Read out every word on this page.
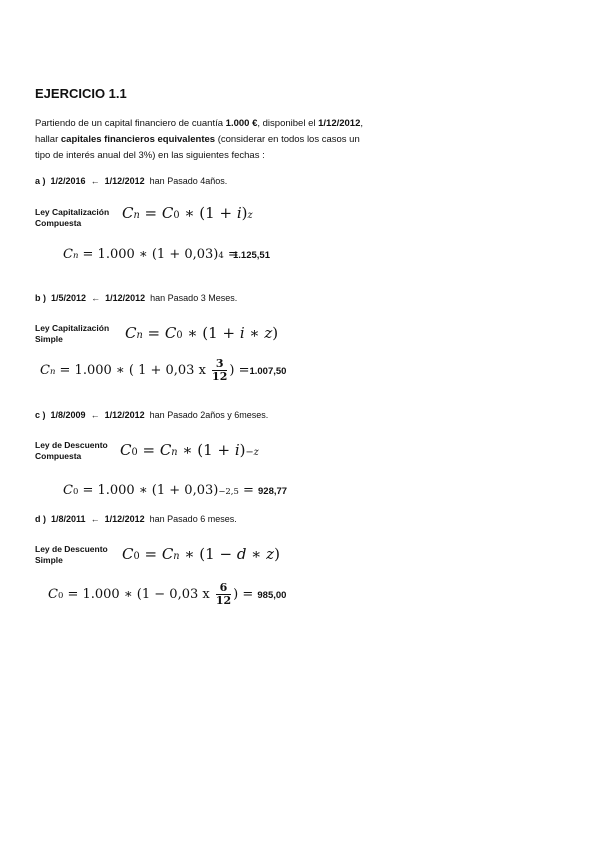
EJERCICIO 1.1
Partiendo de un capital financiero de cuantía 1.000 €, disponibel el 1/12/2012,
hallar capitales financieros equivalentes (considerar en todos los casos un
tipo de interés anual del 3%) en las siguientes fechas :
a ) 1/2/2016 ← 1/12/2012 han Pasado 4años.
Ley Capitalización
Compuesta
$C_n = C_0$ ∗ $(1 + i)^z$
$C_n = 1.000$ ∗ $(1 + 0,03)^4$ =
1.125,51
b ) 1/5/2012 ← 1/12/2012 han Pasado 3 Meses.
Ley Capitalización
Simple	$C_n = C_0$ ∗ (1 + i ∗ z)
$C_n = 1.000$ ∗ ( 1 + 0,03 x $\frac{3}{12}$ ) =1.007,50
c ) 1/8/2009 ← 1/12/2012 han Pasado 2años y 6meses.
Ley de Descuento
Compuesta	$C_0 = C_n$ ∗ $(1 + i)^{-z}$
$C_0 = 1.000$ ∗ $(1 + 0,03)^{-2,5} = 928,77$
d ) 1/8/2011 ← 1/12/2012 han Pasado 6 meses.
Ley de Descuento
Simple	$C_0 = C_n$ ∗ (1 − d ∗ z)
$C_0 = 1.000$ ∗ (1 − 0,03 x $\frac{6}{12}$ ) = 985,00
